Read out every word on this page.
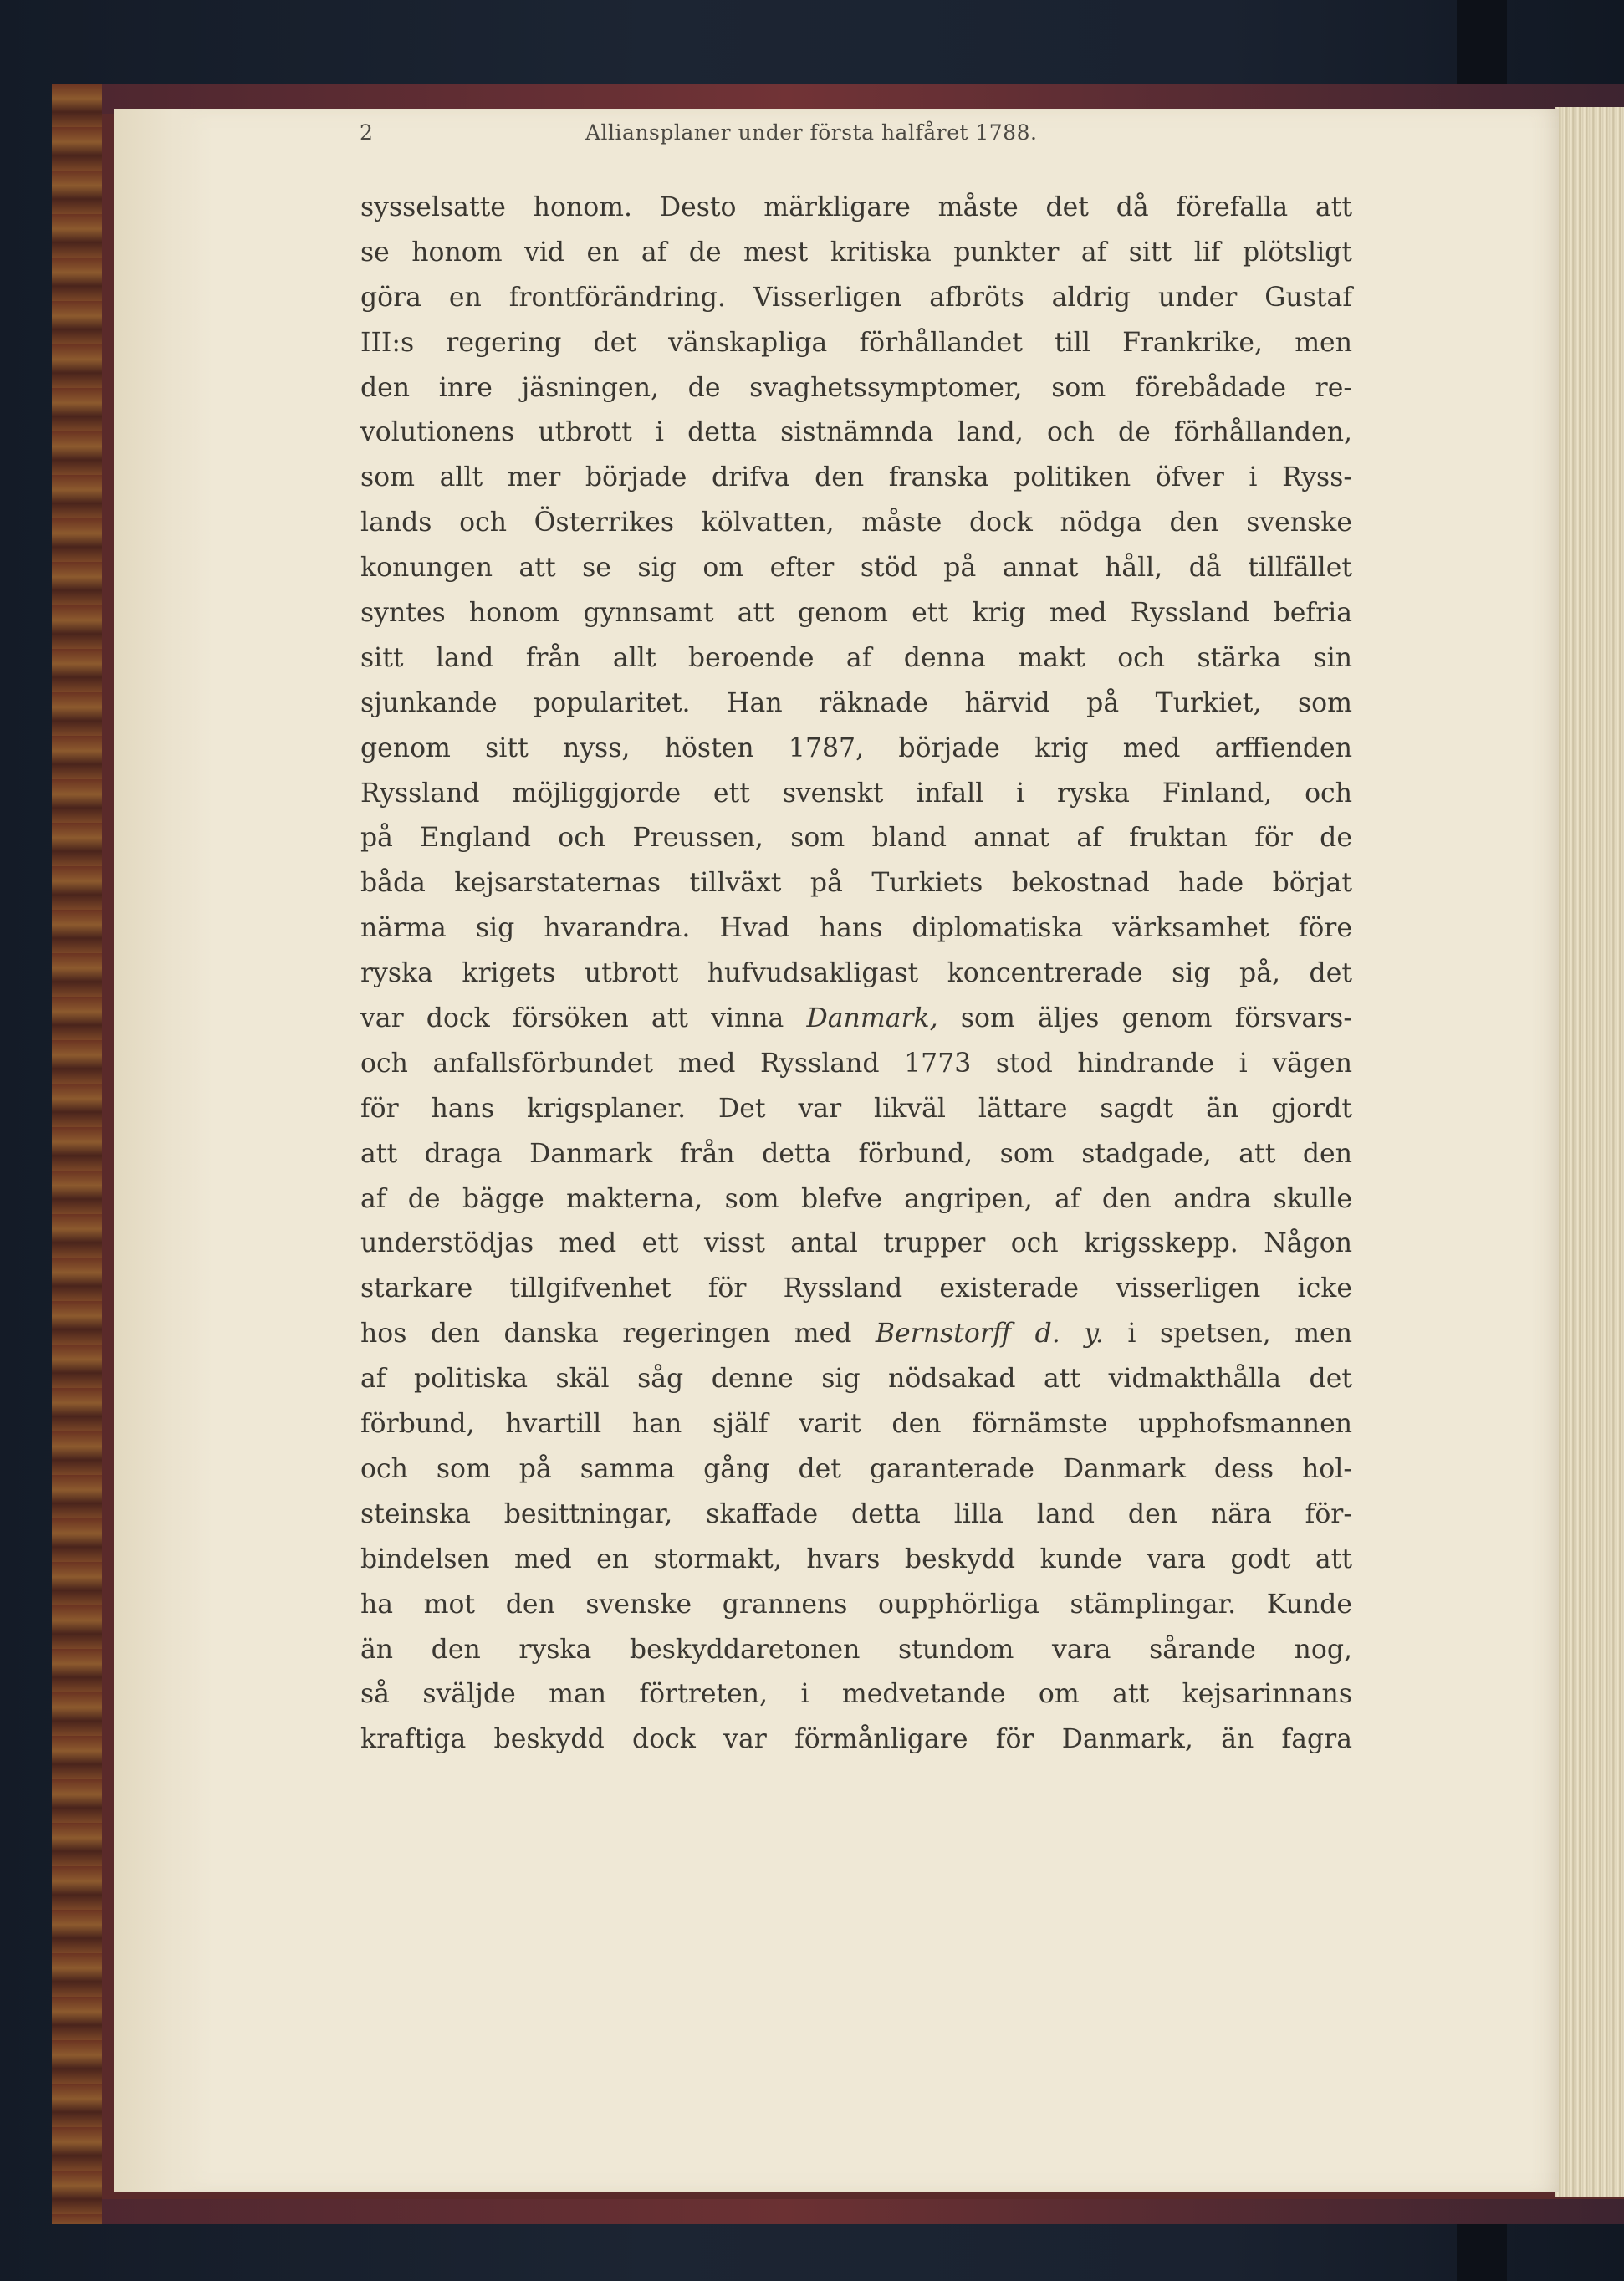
2	Alliansplaner under första halfåret 1788.
sysselsatte honom. Desto märkligare måste det då förefalla att
se honom vid en af de mest kritiska punkter af sitt lif plötsligt
göra en frontförändring. Visserligen afbröts aldrig under Gustaf
III:s regering det vänskapliga förhållandet till Frankrike, men
den inre jäsningen, de svaghetssymptomer, som förebådade re-
volutionens utbrott i detta sistnämnda land, och de förhållanden,
som allt mer började drifva den franska politiken öfver i Ryss-
lands och Österrikes kölvatten, måste dock nödga den svenske
konungen att se sig om efter stöd på annat håll, då tillfället
syntes honom gynnsamt att genom ett krig med Ryssland befria
sitt land från allt beroende af denna makt och stärka sin
sjunkande popularitet. Han räknade härvid på Turkiet, som
genom sitt nyss, hösten 1787, började krig med arffienden
Ryssland möjliggjorde ett svenskt infall i ryska Finland, och
på England och Preussen, som bland annat af fruktan för de
båda kejsarstaternas tillväxt på Turkiets bekostnad hade börjat
närma sig hvarandra. Hvad hans diplomatiska värksamhet före
ryska krigets utbrott hufvudsakligast koncentrerade sig på, det
var dock försöken att vinna Danmark, som äljes genom försvars-
och anfallsförbundet med Ryssland 1773 stod hindrande i vägen
för hans krigsplaner. Det var likväl lättare sagdt än gjordt
att draga Danmark från detta förbund, som stadgade, att den
af de bägge makterna, som blefve angripen, af den andra skulle
understödjas med ett visst antal trupper och krigsskepp. Någon
starkare tillgifvenhet för Ryssland existerade visserligen icke
hos den danska regeringen med Bernstorff d. y. i spetsen, men
af politiska skäl såg denne sig nödsakad att vidmakthålla det
förbund, hvartill han själf varit den förnämste upphofsmannen
och som på samma gång det garanterade Danmark dess hol-
steinska besittningar, skaffade detta lilla land den nära för-
bindelsen med en stormakt, hvars beskydd kunde vara godt att
ha mot den svenske grannens oupphörliga stämplingar. Kunde
än den ryska beskyddaretonen stundom vara sårande nog,
så sväljde man förtreten, i medvetande om att kejsarinnans
kraftiga beskydd dock var förmånligare för Danmark, än fagra
